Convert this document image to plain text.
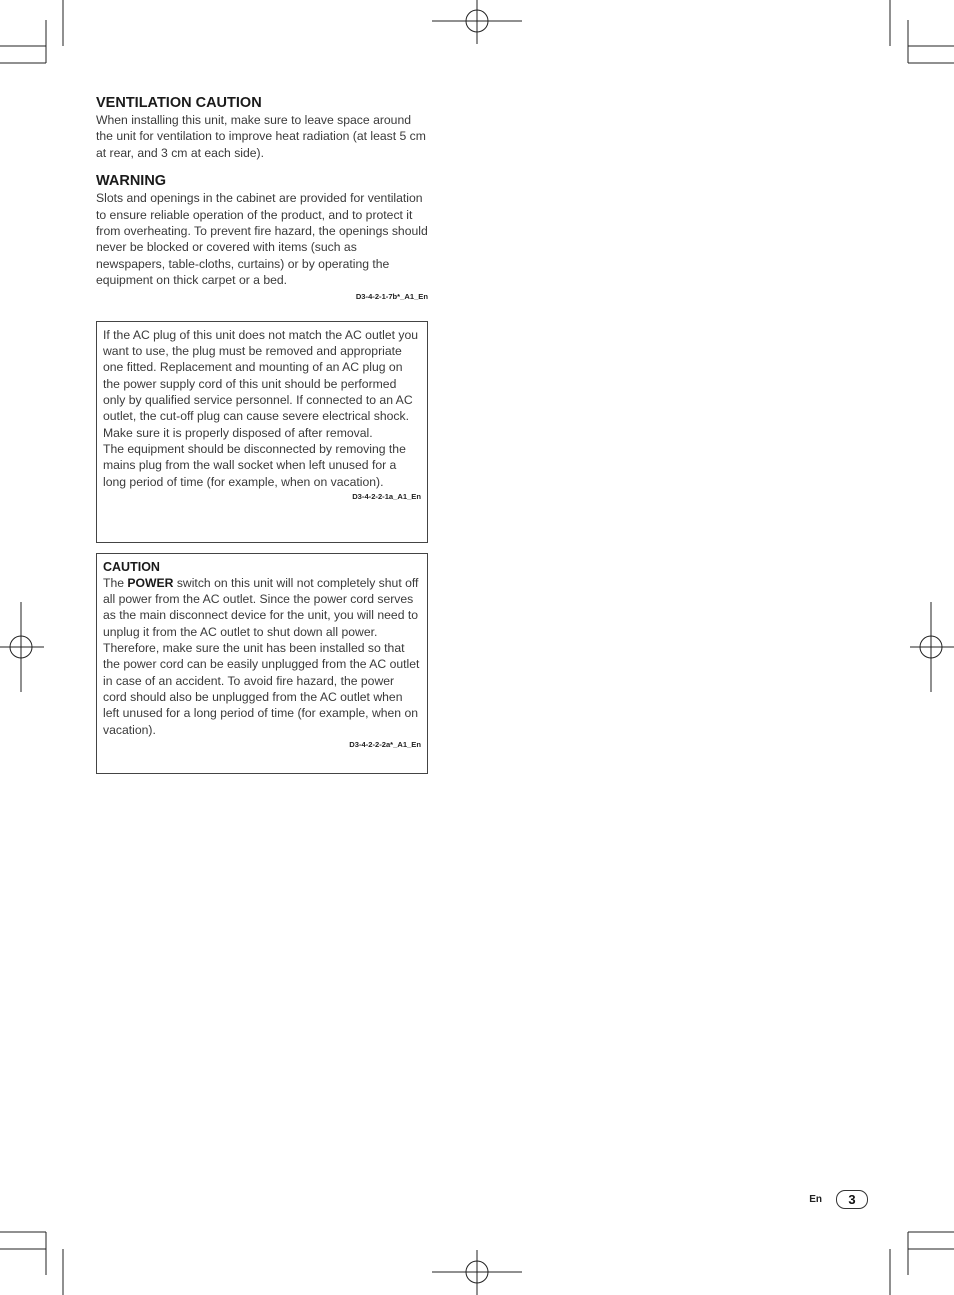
VENTILATION CAUTION

When installing this unit, make sure to leave space around the unit for ventilation to improve heat radiation (at least 5 cm at rear, and 3 cm at each side).

WARNING

Slots and openings in the cabinet are provided for ventilation to ensure reliable operation of the product, and to protect it from overheating. To prevent fire hazard, the openings should never be blocked or covered with items (such as newspapers, table-cloths, curtains) or by operating the equipment on thick carpet or a bed.

D3-4-2-1-7b*_A1_En

If the AC plug of this unit does not match the AC outlet you want to use, the plug must be removed and appropriate one fitted. Replacement and mounting of an AC plug on the power supply cord of this unit should be performed only by qualified service personnel. If connected to an AC outlet, the cut-off plug can cause severe electrical shock. Make sure it is properly disposed of after removal.

The equipment should be disconnected by removing the mains plug from the wall socket when left unused for a long period of time (for example, when on vacation).

D3-4-2-2-1a_A1_En
CAUTION

The POWER switch on this unit will not completely shut off all power from the AC outlet. Since the power cord serves as the main disconnect device for the unit, you will need to unplug it from the AC outlet to shut down all power. Therefore, make sure the unit has been installed so that the power cord can be easily unplugged from the AC outlet in case of an accident. To avoid fire hazard, the power cord should also be unplugged from the AC outlet when left unused for a long period of time (for example, when on vacation).

D3-4-2-2-2a*_A1_En
En	3
